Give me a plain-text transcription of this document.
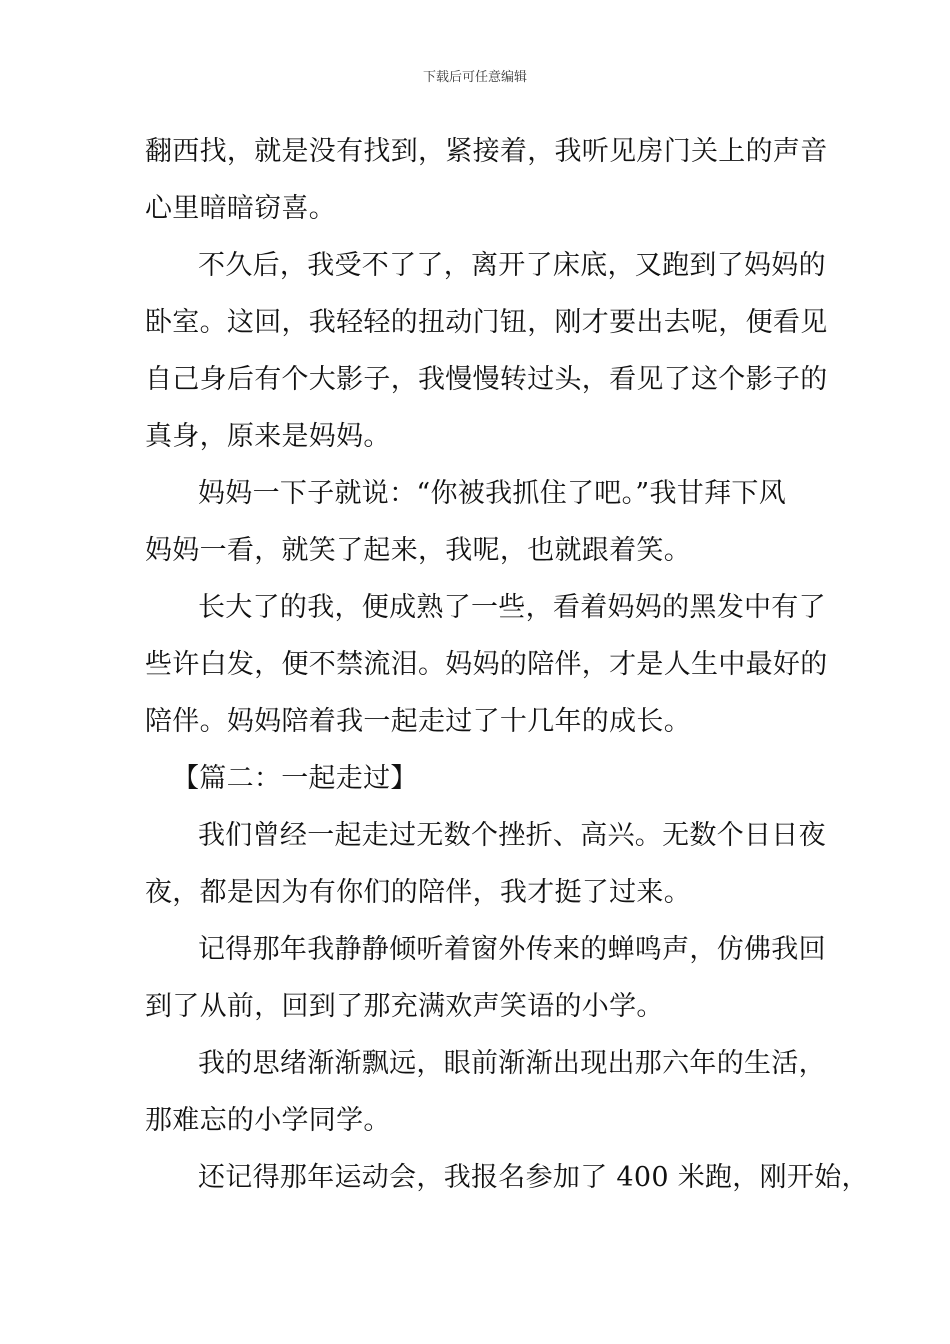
下载后可任意编辑
翻西找，就是没有找到，紧接着，我听见房门关上的声音
心里暗暗窃喜。
不久后，我受不了了，离开了床底，又跑到了妈妈的
卧室。这回，我轻轻的扭动门钮，刚才要出去呢，便看见
自己身后有个大影子，我慢慢转过头，看见了这个影子的
真身，原来是妈妈。
妈妈一下子就说：“你被我抓住了吧。”我甘拜下风
妈妈一看，就笑了起来，我呢，也就跟着笑。
长大了的我，便成熟了一些，看着妈妈的黑发中有了
些许白发，便不禁流泪。妈妈的陪伴，才是人生中最好的
陪伴。妈妈陪着我一起走过了十几年的成长。
【篇二：一起走过】
我们曾经一起走过无数个挫折、高兴。无数个日日夜
夜，都是因为有你们的陪伴，我才挺了过来。
记得那年我静静倾听着窗外传来的蝉鸣声，仿佛我回
到了从前，回到了那充满欢声笑语的小学。
我的思绪渐渐飘远，眼前渐渐出现出那六年的生活，
那难忘的小学同学。
还记得那年运动会，我报名参加了 400 米跑，刚开始，
